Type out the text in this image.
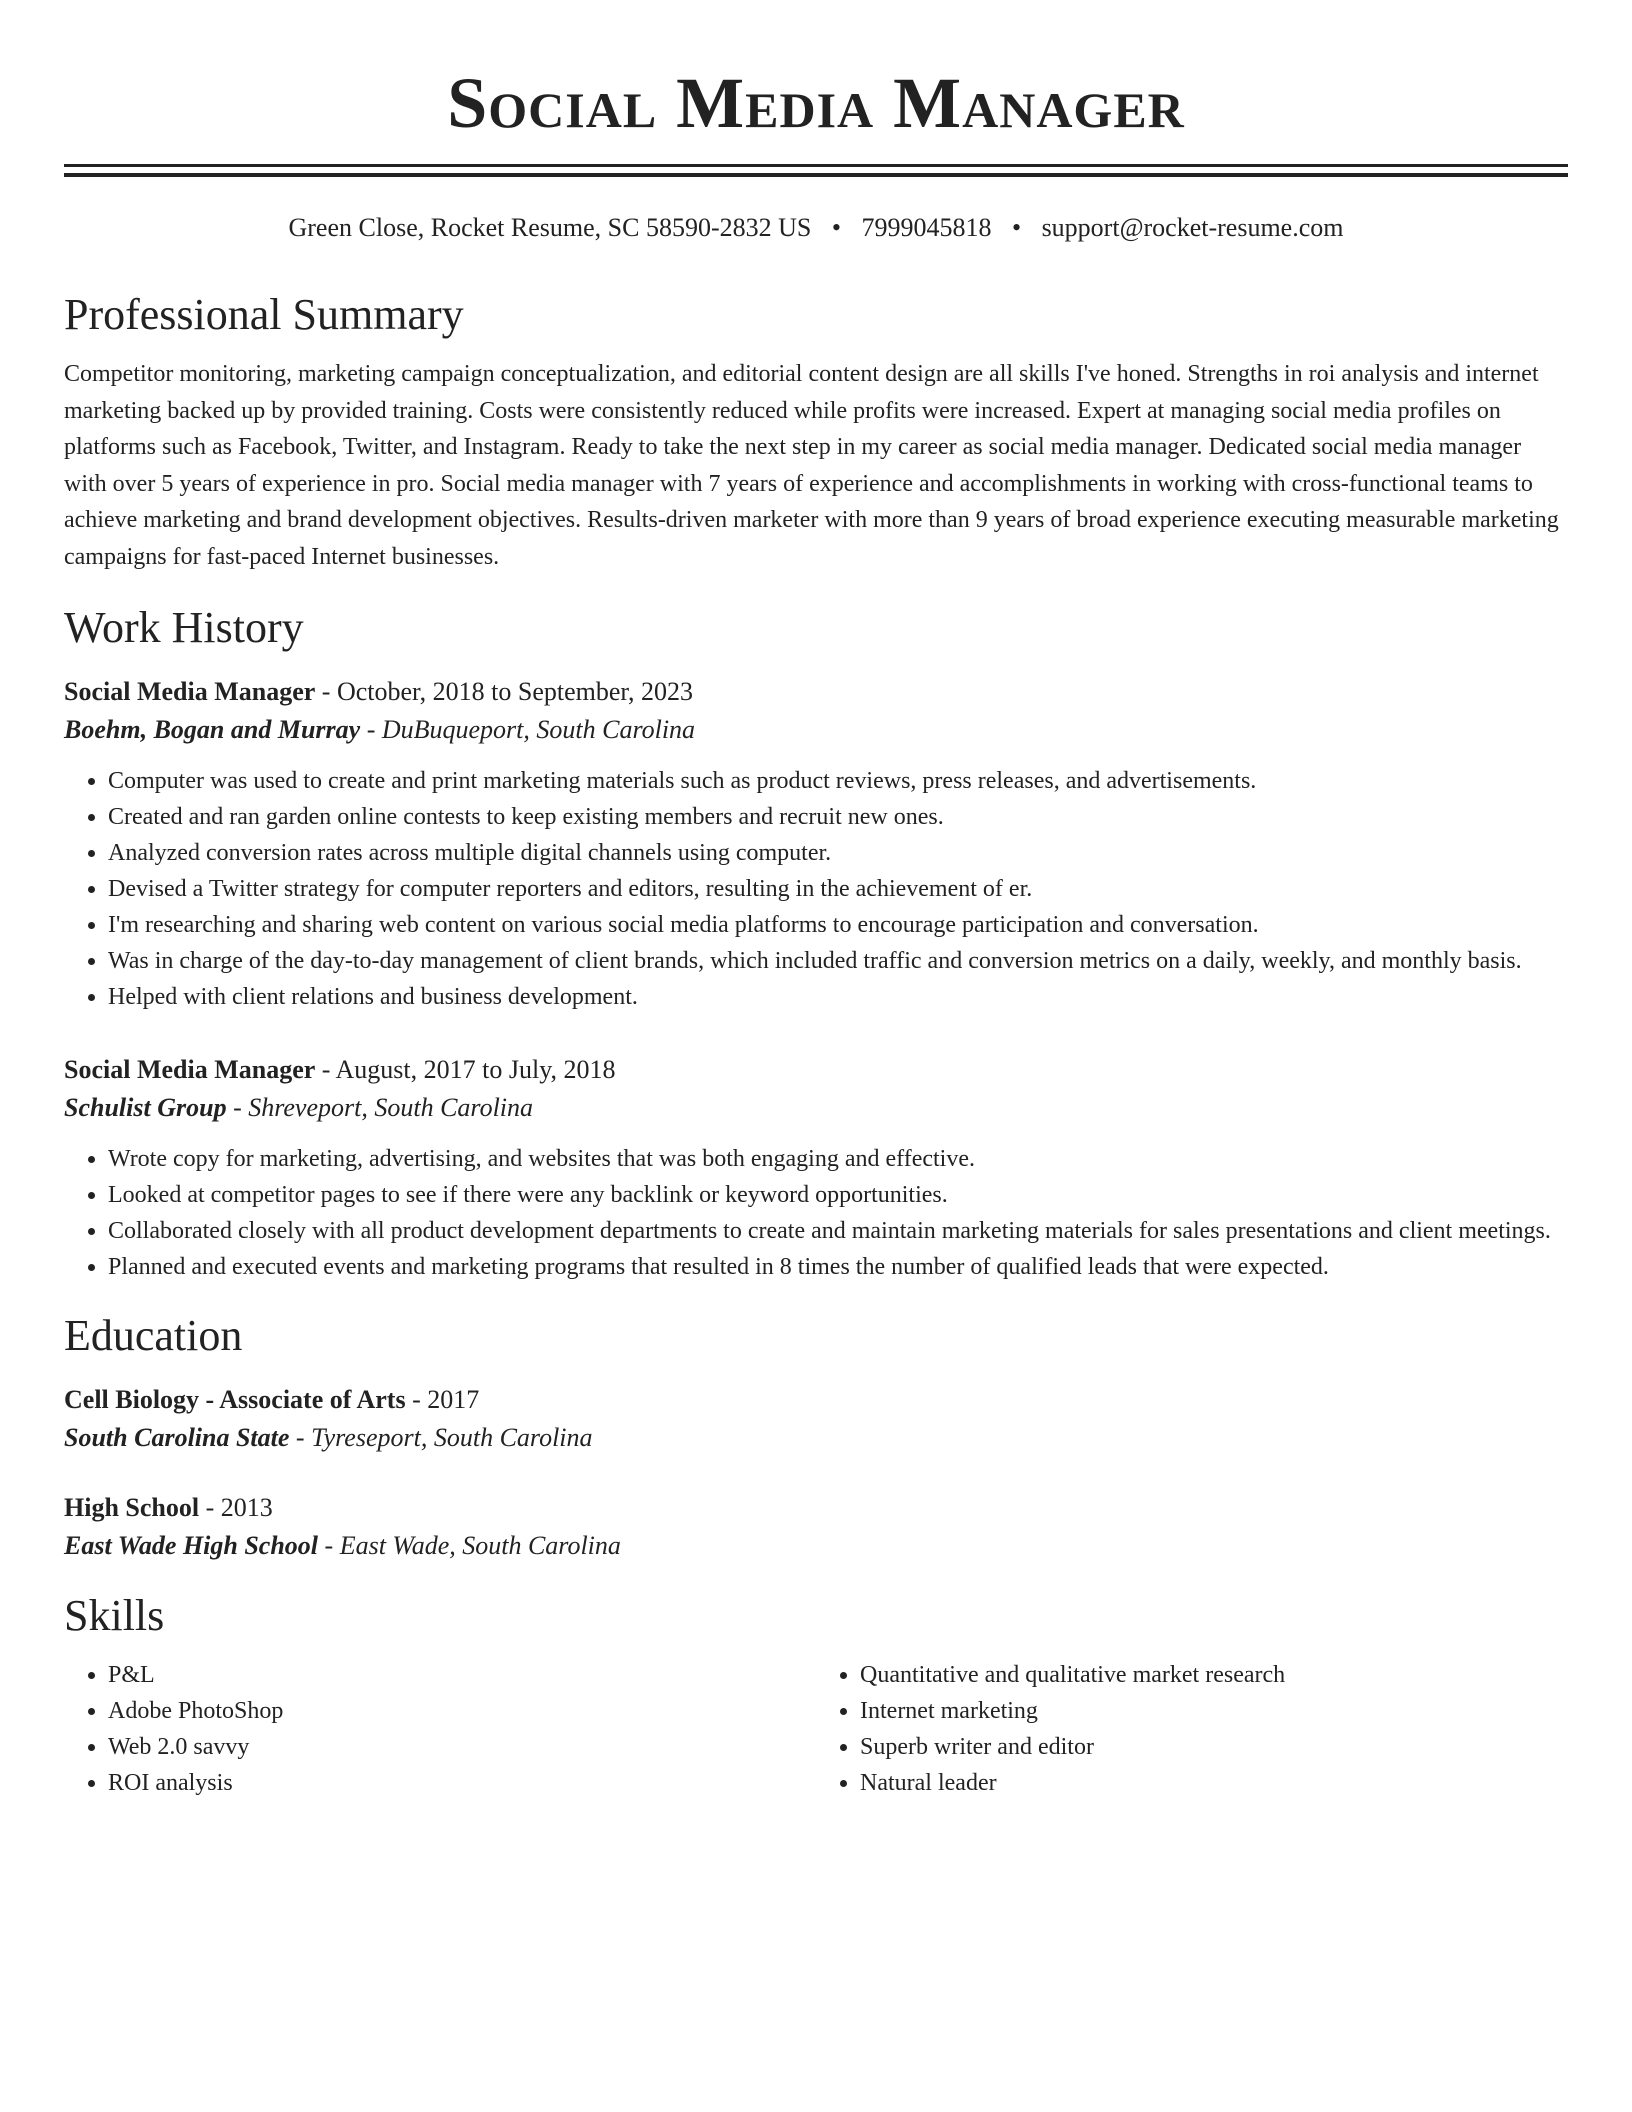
Social Media Manager
Green Close, Rocket Resume, SC 58590-2832 US • 7999045818 • support@rocket-resume.com
Professional Summary

Competitor monitoring, marketing campaign conceptualization, and editorial content design are all skills I've honed. Strengths in roi analysis and internet marketing backed up by provided training. Costs were consistently reduced while profits were increased. Expert at managing social media profiles on platforms such as Facebook, Twitter, and Instagram. Ready to take the next step in my career as social media manager. Dedicated social media manager with over 5 years of experience in pro. Social media manager with 7 years of experience and accomplishments in working with cross-functional teams to achieve marketing and brand development objectives. Results-driven marketer with more than 9 years of broad experience executing measurable marketing campaigns for fast-paced Internet businesses.

Work History
Social Media Manager - October, 2018 to September, 2023
Boehm, Bogan and Murray - DuBuqueport, South Carolina
• Computer was used to create and print marketing materials such as product reviews, press releases, and advertisements.
• Created and ran garden online contests to keep existing members and recruit new ones.
• Analyzed conversion rates across multiple digital channels using computer.
• Devised a Twitter strategy for computer reporters and editors, resulting in the achievement of er.
• I'm researching and sharing web content on various social media platforms to encourage participation and conversation.
• Was in charge of the day-to-day management of client brands, which included traffic and conversion metrics on a daily, weekly, and monthly basis.
• Helped with client relations and business development.
Social Media Manager - August, 2017 to July, 2018
Schulist Group - Shreveport, South Carolina
• Wrote copy for marketing, advertising, and websites that was both engaging and effective.
• Looked at competitor pages to see if there were any backlink or keyword opportunities.
• Collaborated closely with all product development departments to create and maintain marketing materials for sales presentations and client meetings.
• Planned and executed events and marketing programs that resulted in 8 times the number of qualified leads that were expected.
Education
Cell Biology - Associate of Arts - 2017
South Carolina State - Tyreseport, South Carolina
High School - 2013
East Wade High School - East Wade, South Carolina
Skills
• P&L
• Adobe PhotoShop
• Web 2.0 savvy
• ROI analysis
• Quantitative and qualitative market research
• Internet marketing
• Superb writer and editor
• Natural leader
